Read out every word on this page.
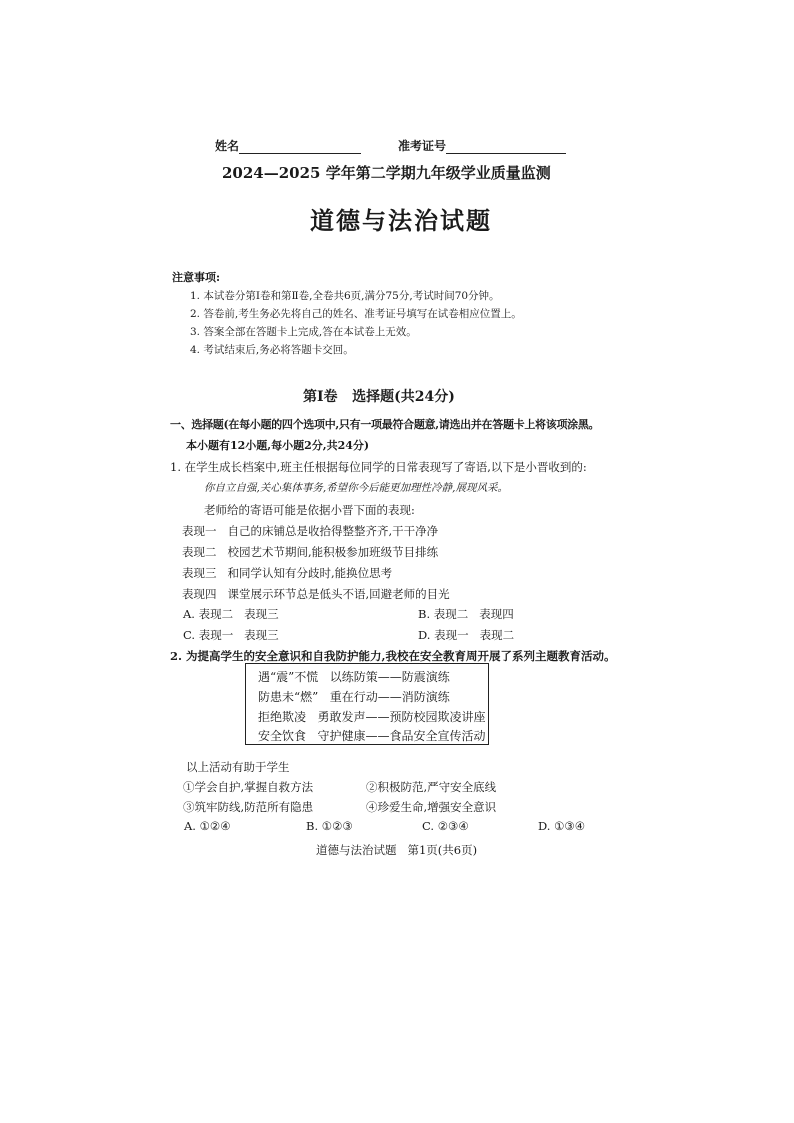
姓名	准考证号
2024—2025 学年第二学期九年级学业质量监测
道德与法治试题
注意事项:
1. 本试卷分第Ⅰ卷和第Ⅱ卷,全卷共6页,满分75分,考试时间70分钟。
2. 答卷前,考生务必先将自己的姓名、准考证号填写在试卷相应位置上。
3. 答案全部在答题卡上完成,答在本试卷上无效。
4. 考试结束后,务必将答题卡交回。
第Ⅰ卷   选择题(共24分)
一、选择题(在每小题的四个选项中,只有一项最符合题意,请选出并在答题卡上将该项涂黑。
本小题有12小题,每小题2分,共24分)
1. 在学生成长档案中,班主任根据每位同学的日常表现写了寄语,以下是小晋收到的:
你自立自强,关心集体事务,希望你今后能更加理性冷静,展现风采。
老师给的寄语可能是依据小晋下面的表现:
表现一   自己的床铺总是收拾得整整齐齐,干干净净
表现二   校园艺术节期间,能积极参加班级节目排练
表现三   和同学认知有分歧时,能换位思考
表现四   课堂展示环节总是低头不语,回避老师的目光
A. 表现二   表现三	B. 表现二   表现四
C. 表现一   表现三	D. 表现一   表现二
2. 为提高学生的安全意识和自我防护能力,我校在安全教育周开展了系列主题教育活动。
遇“震”不慌   以练防策——防震演练
防患未“燃”   重在行动——消防演练
拒绝欺凌   勇敢发声——预防校园欺凌讲座
安全饮食   守护健康——食品安全宣传活动
以上活动有助于学生
①学会自护,掌握自救方法	②积极防范,严守安全底线
③筑牢防线,防范所有隐患	④珍爱生命,增强安全意识
A. ①②④	B. ①②③	C. ②③④	D. ①③④
道德与法治试题   第1页(共6页)
